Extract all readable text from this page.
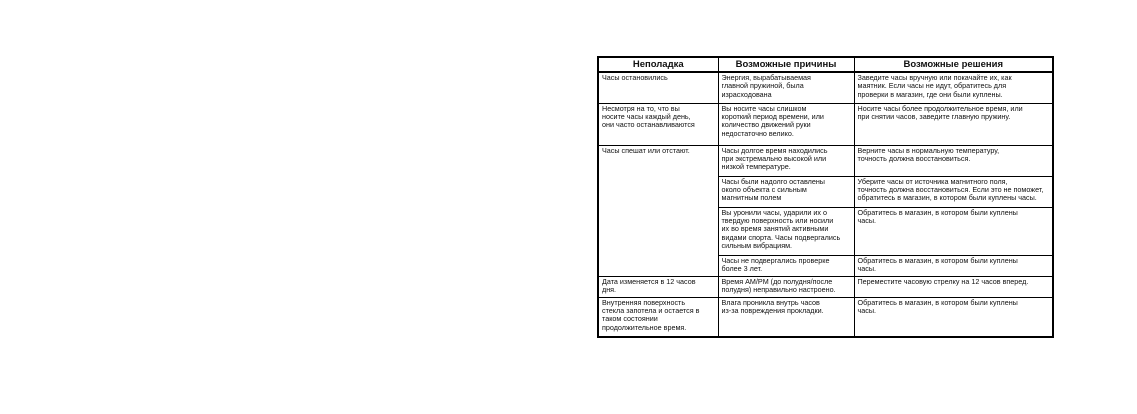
Неполадка	Возможные причины	Возможные решения
Часы остановились	Энергия, вырабатываемая
главной пружиной, была
израсходована	Заведите часы вручную или покачайте их, как
маятник. Если часы не идут, обратитесь для
проверки в магазин, где они были куплены.
Несмотря на то, что вы
носите часы каждый день,
они часто останавливаются	Вы носите часы слишком
короткий период времени, или
количество движений руки
недостаточно велико.	Носите часы более продолжительное время, или
при снятии часов, заведите главную пружину.
Часы спешат или отстают.	Часы долгое время находились
при экстремально высокой или
низкой температуре.	Верните часы в нормальную температуру,
точность должна восстановиться.
	Часы были надолго оставлены
около объекта с сильным
магнитным полем	Уберите часы от источника магнитного поля,
точность должна восстановиться. Если это не поможет,
обратитесь в магазин, в котором были куплены часы.
	Вы уронили часы, ударили их о
твердую поверхность или носили
их во время занятий активными
видами спорта. Часы подвергались
сильным вибрациям.	Обратитесь в магазин, в котором были куплены
часы.
	Часы не подвергались проверке
более 3 лет.	Обратитесь в магазин, в котором были куплены
часы.
Дата изменяется в 12 часов
дня.	Время AM/PM (до полудня/после
полудня) неправильно настроено.	Переместите часовую стрелку на 12 часов вперед.
Внутренняя поверхность
стекла запотела и остается в
таком состоянии
продолжительное время.	Влага проникла внутрь часов
из-за повреждения прокладки.	Обратитесь в магазин, в котором были куплены
часы.
